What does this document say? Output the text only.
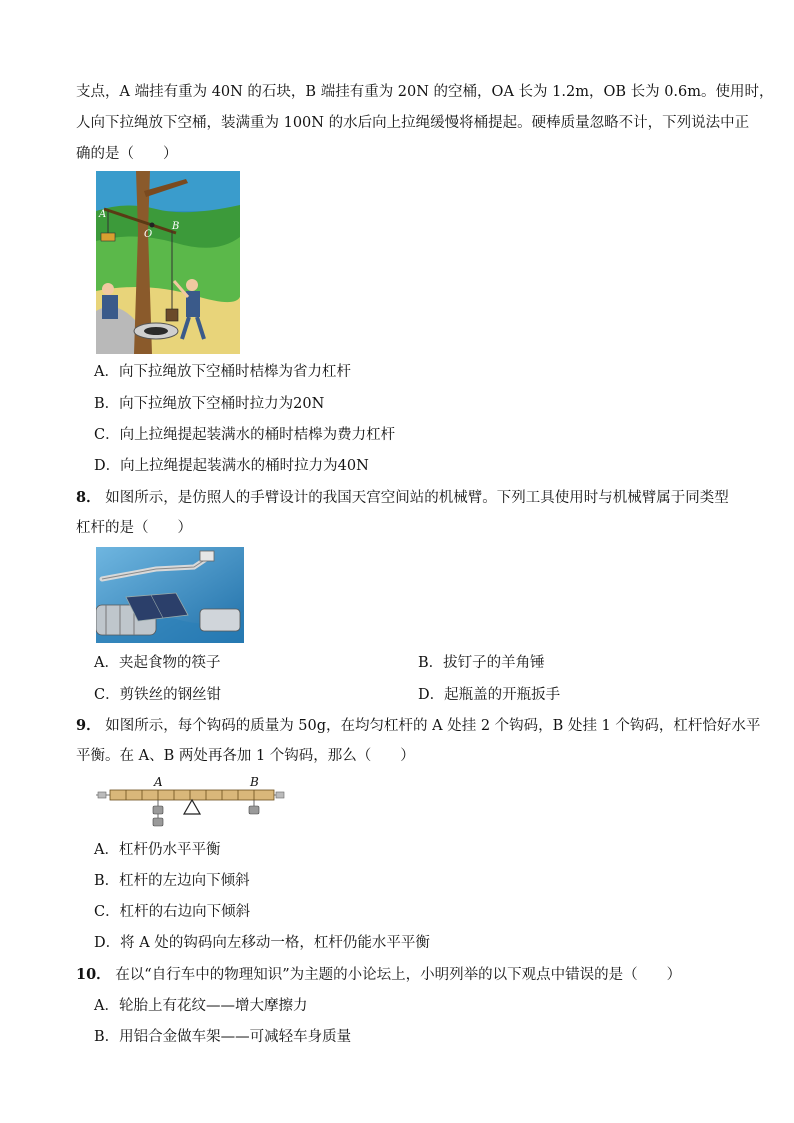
支点，A 端挂有重为 40N 的石块，B 端挂有重为 20N 的空桶，OA 长为 1.2m，OB 长为 0.6m。使用时，
人向下拉绳放下空桶，装满重为 100N 的水后向上拉绳缓慢将桶提起。硬棒质量忽略不计，下列说法中正
确的是（　　）
A
O
B
A．向下拉绳放下空桶时桔槔为省力杠杆
B．向下拉绳放下空桶时拉力为20N
C．向上拉绳提起装满水的桶时桔槔为费力杠杆
D．向上拉绳提起装满水的桶时拉力为40N
8． 如图所示，是仿照人的手臂设计的我国天宫空间站的机械臂。下列工具使用时与机械臂属于同类型
杠杆的是（　　）
A．夹起食物的筷子	B．拔钉子的羊角锤
C．剪铁丝的钢丝钳	D．起瓶盖的开瓶扳手
9． 如图所示，每个钩码的质量为 50g，在均匀杠杆的 A 处挂 2 个钩码，B 处挂 1 个钩码，杠杆恰好水平
平衡。在 A、B 两处再各加 1 个钩码，那么（　　）
A	B
A．杠杆仍水平平衡
B．杠杆的左边向下倾斜
C．杠杆的右边向下倾斜
D．将 A 处的钩码向左移动一格，杠杆仍能水平平衡
10． 在以“自行车中的物理知识”为主题的小论坛上，小明列举的以下观点中错误的是（　　）
A．轮胎上有花纹——增大摩擦力
B．用铝合金做车架——可减轻车身质量
